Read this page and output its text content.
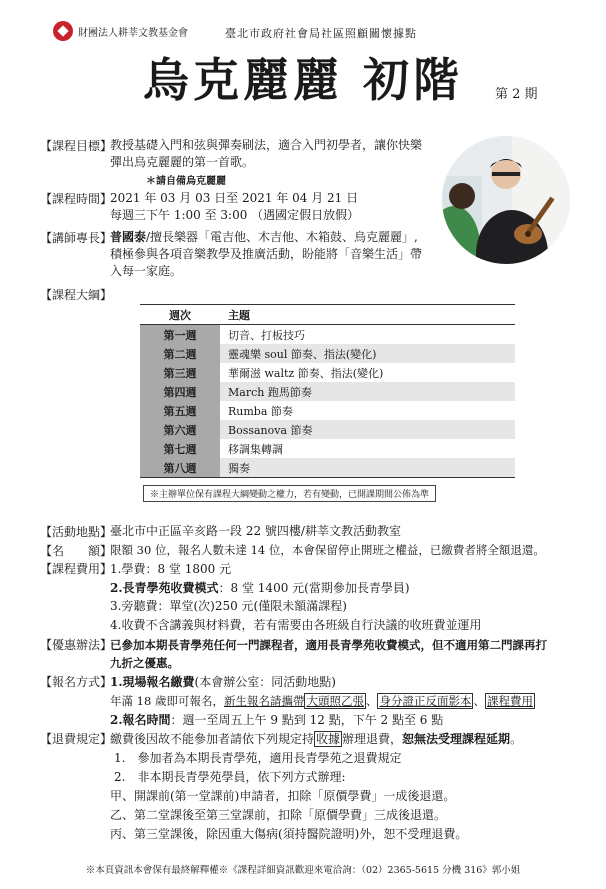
財團法人耕莘文教基金會	臺北市政府社會局社區照顧關懷據點
烏克麗麗 初階	第 2 期
【課程目標】
教授基礎入門和弦與彈奏刷法，適合入門初學者，讓你快樂
彈出烏克麗麗的第一首歌。
＊請自備烏克麗麗
【課程時間】
2021 年 03 月 03 日至 2021 年 04 月 21 日
每週三下午 1:00 至 3:00 （遇國定假日放假）
【講師專長】
普國泰/擅長樂器「電吉他、木吉他、木箱鼓、烏克麗麗」,
積極參與各項音樂教學及推廣活動，盼能將「音樂生活」帶
入每一家庭。
【課程大綱】
週次	主題
第一週	切音、打板技巧
第二週	靈魂樂 soul 節奏、指法(變化)
第三週	華爾滋 waltz 節奏、指法(變化)
第四週	March 跑馬節奏
第五週	Rumba 節奏
第六週	Bossanova 節奏
第七週	移調集轉調
第八週	獨奏
※主辦單位保有課程大綱變動之權力，若有變動，已開課期間公佈為準
【活動地點】
臺北市中正區辛亥路一段 22 號四樓/耕莘文教活動教室
【名　　額】
限額 30 位，報名人數未達 14 位，本會保留停止開班之權益，已繳費者將全額退還。
【課程費用】
1.學費：8 堂 1800 元
2.長青學苑收費模式：8 堂 1400 元(當期參加長青學員)
3.旁聽費：單堂(次)250 元(僅限未額滿課程)
4.收費不含講義與材料費，若有需要由各班級自行決議的收班費並運用
【優惠辦法】
已參加本期長青學苑任何一門課程者，適用長青學苑收費模式，但不適用第二門課再打
九折之優惠。
【報名方式】
1.現場報名繳費(本會辦公室：同活動地點)
年滿 18 歲即可報名，新生報名請攜帶 大頭照乙張 、 身分證正反面影本 、 課程費用
2.報名時間：週一至周五上午 9 點到 12 點，下午 2 點至 6 點
【退費規定】
繳費後因故不能參加者請依下列規定持 收據 辦理退費，恕無法受理課程延期。
1.　參加者為本期長青學苑，適用長青學苑之退費規定
2.　非本期長青學苑學員，依下列方式辦理:
甲、開課前(第一堂課前)申請者，扣除「原價學費」一成後退還。
乙、第二堂課後至第三堂課前，扣除「原價學費」三成後退還。
丙、第三堂課後，除因重大傷病(須持醫院證明)外，恕不受理退費。
※本頁資訊本會保有最終解釋權※《課程詳細資訊歡迎來電洽詢：（02）2365-5615 分機 316》郭小姐
